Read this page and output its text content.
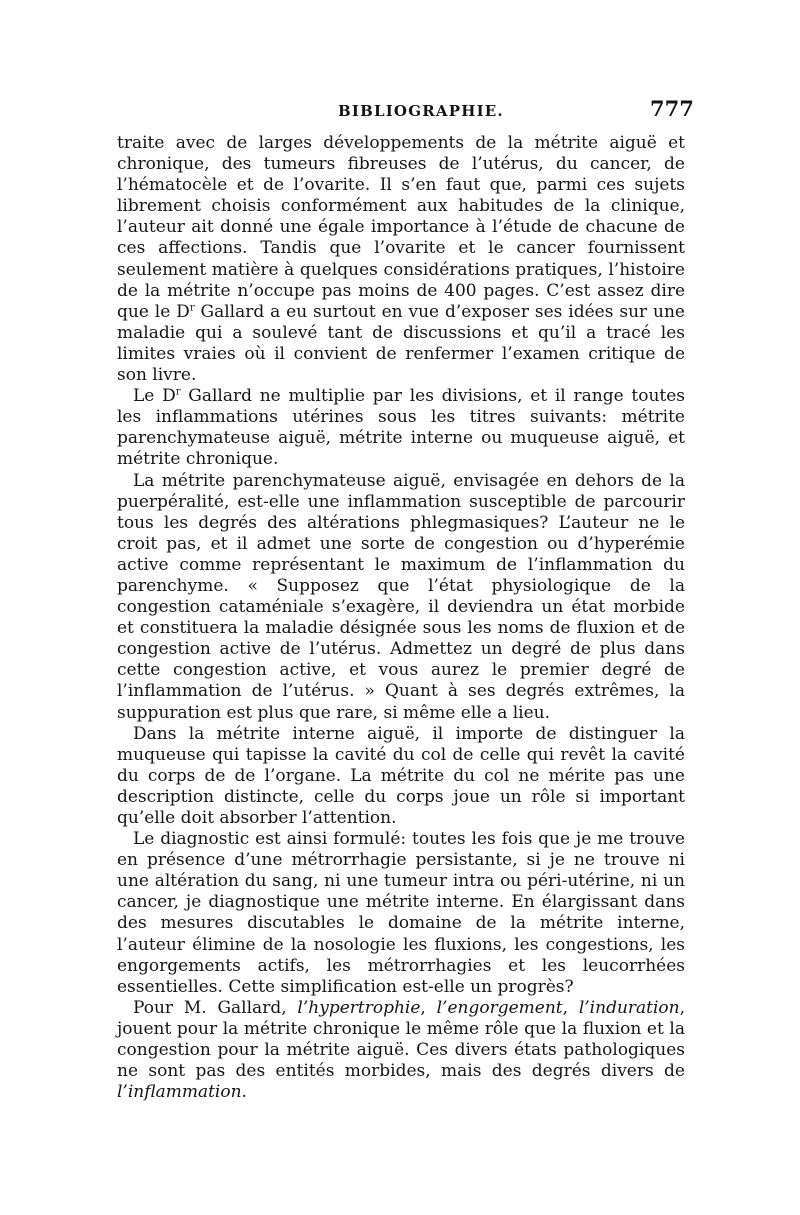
BIBLIOGRAPHIE.	777

traite avec de larges développements de la métrite aiguë et chronique, des tumeurs fibreuses de l’utérus, du cancer, de l’hématocèle et de l’ovarite. Il s’en faut que, parmi ces sujets librement choisis conformément aux habitudes de la clinique, l’auteur ait donné une égale importance à l’étude de chacune de ces affections. Tandis que l’ovarite et le cancer fournissent seulement matière à quelques considérations pratiques, l’histoire de la métrite n’occupe pas moins de 400 pages. C’est assez dire que le $D^r$ Gallard a eu surtout en vue d’exposer ses idées sur une maladie qui a soulevé tant de discussions et qu’il a tracé les limites vraies où il convient de renfermer l’examen critique de son livre.

Le $D^r$ Gallard ne multiplie par les divisions, et il range toutes les inflammations utérines sous les titres suivants: métrite parenchymateuse aiguë, métrite interne ou muqueuse aiguë, et métrite chronique.

La métrite parenchymateuse aiguë, envisagée en dehors de la puerpéralité, est-elle une inflammation susceptible de parcourir tous les degrés des altérations phlegmasiques? L’auteur ne le croit pas, et il admet une sorte de congestion ou d’hyperémie active comme représentant le maximum de l’inflammation du parenchyme. « Supposez que l’état physiologique de la congestion cataméniale s’exagère, il deviendra un état morbide et constituera la maladie désignée sous les noms de fluxion et de congestion active de l’utérus. Admettez un degré de plus dans cette congestion active, et vous aurez le premier degré de l’inflammation de l’utérus. » Quant à ses degrés extrêmes, la suppuration est plus que rare, si même elle a lieu.

Dans la métrite interne aiguë, il importe de distinguer la muqueuse qui tapisse la cavité du col de celle qui revêt la cavité du corps de de l’organe. La métrite du col ne mérite pas une description distincte, celle du corps joue un rôle si important qu’elle doit absorber l’attention.

Le diagnostic est ainsi formulé: toutes les fois que je me trouve en présence d’une métrorrhagie persistante, si je ne trouve ni une altération du sang, ni une tumeur intra ou péri-utérine, ni un cancer, je diagnostique une métrite interne. En élargissant dans des mesures discutables le domaine de la métrite interne, l’auteur élimine de la nosologie les fluxions, les congestions, les engorgements actifs, les métrorrhagies et les leucorrhées essentielles. Cette simplification est-elle un progrès?

Pour M. Gallard, l’hypertrophie, l’engorgement, l’induration, jouent pour la métrite chronique le même rôle que la fluxion et la congestion pour la métrite aiguë. Ces divers états pathologiques ne sont pas des entités morbides, mais des degrés divers de l’inflammation.
